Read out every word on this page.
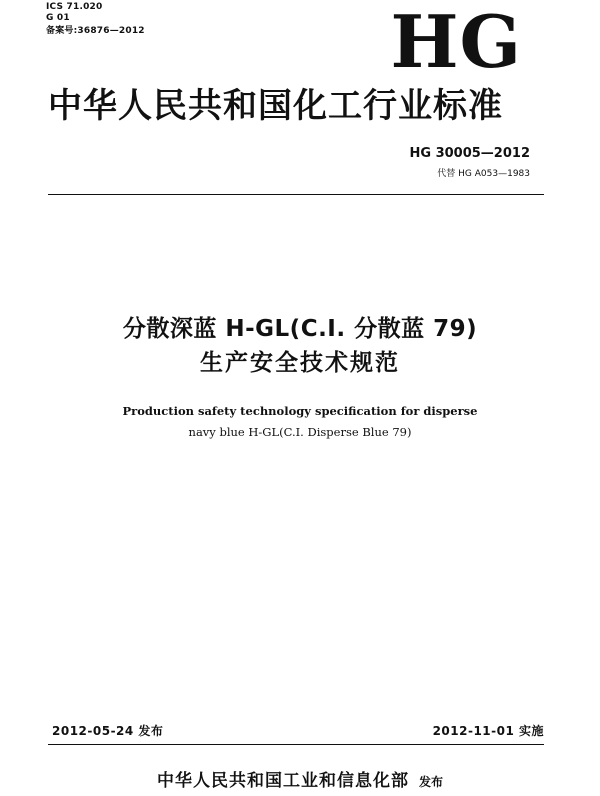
ICS 71.020
G 01
备案号:36876—2012	HG
中华人民共和国化工行业标准
HG 30005—2012
代替 HG A053—1983
分散深蓝 H-GL(C.I. 分散蓝 79)
生产安全技术规范
Production safety technology specification for disperse
navy blue H-GL(C.I. Disperse Blue 79)
2012-05-24 发布	2012-11-01 实施
中华人民共和国工业和信息化部 发布
